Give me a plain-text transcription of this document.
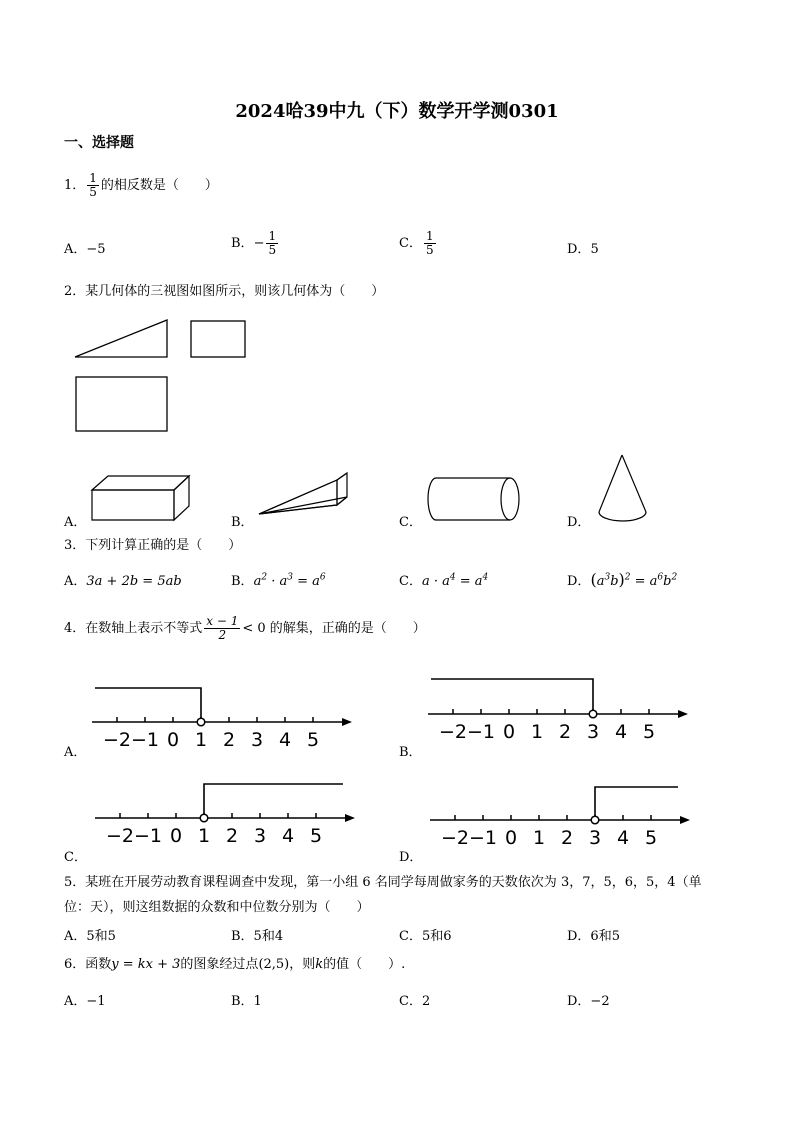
2024哈39中九（下）数学开学测0301
一、选择题
1． $\frac{1}{5}$ 的相反数是（　　）
A．−5	B．− $\frac{1}{5}$	C． $\frac{1}{5}$	D．5
2．某几何体的三视图如图所示，则该几何体为（　　）
A．	B．	C．	D．
3．下列计算正确的是（　　）
A．3a + 2b = 5ab	B．$a^2 \cdot a^3 = a^6$	C．$a \cdot a^4 = a^4$	D．$(a^3b)^2 = a^6b^2$
4．在数轴上表示不等式 $\frac{x - 1}{2} < 0$ 的解集，正确的是（　　）
A．
−2 −1 0 1 2 3 4 5
B．
−2 −1 0 1 2 3 4 5
C．
−2 −1 0 1 2 3 4 5
D．
−2 −1 0 1 2 3 4 5
5．某班在开展劳动教育课程调查中发现，第一小组 6 名同学每周做家务的天数依次为 3，7，5，6，5，4（单
位：天），则这组数据的众数和中位数分别为（　　）
A．5和5	B．5和4	C．5和6	D．6和5
6．函数y = kx + 3的图象经过点(2,5)，则k的值（　　）.
A．−1	B．1	C．2	D．−2
